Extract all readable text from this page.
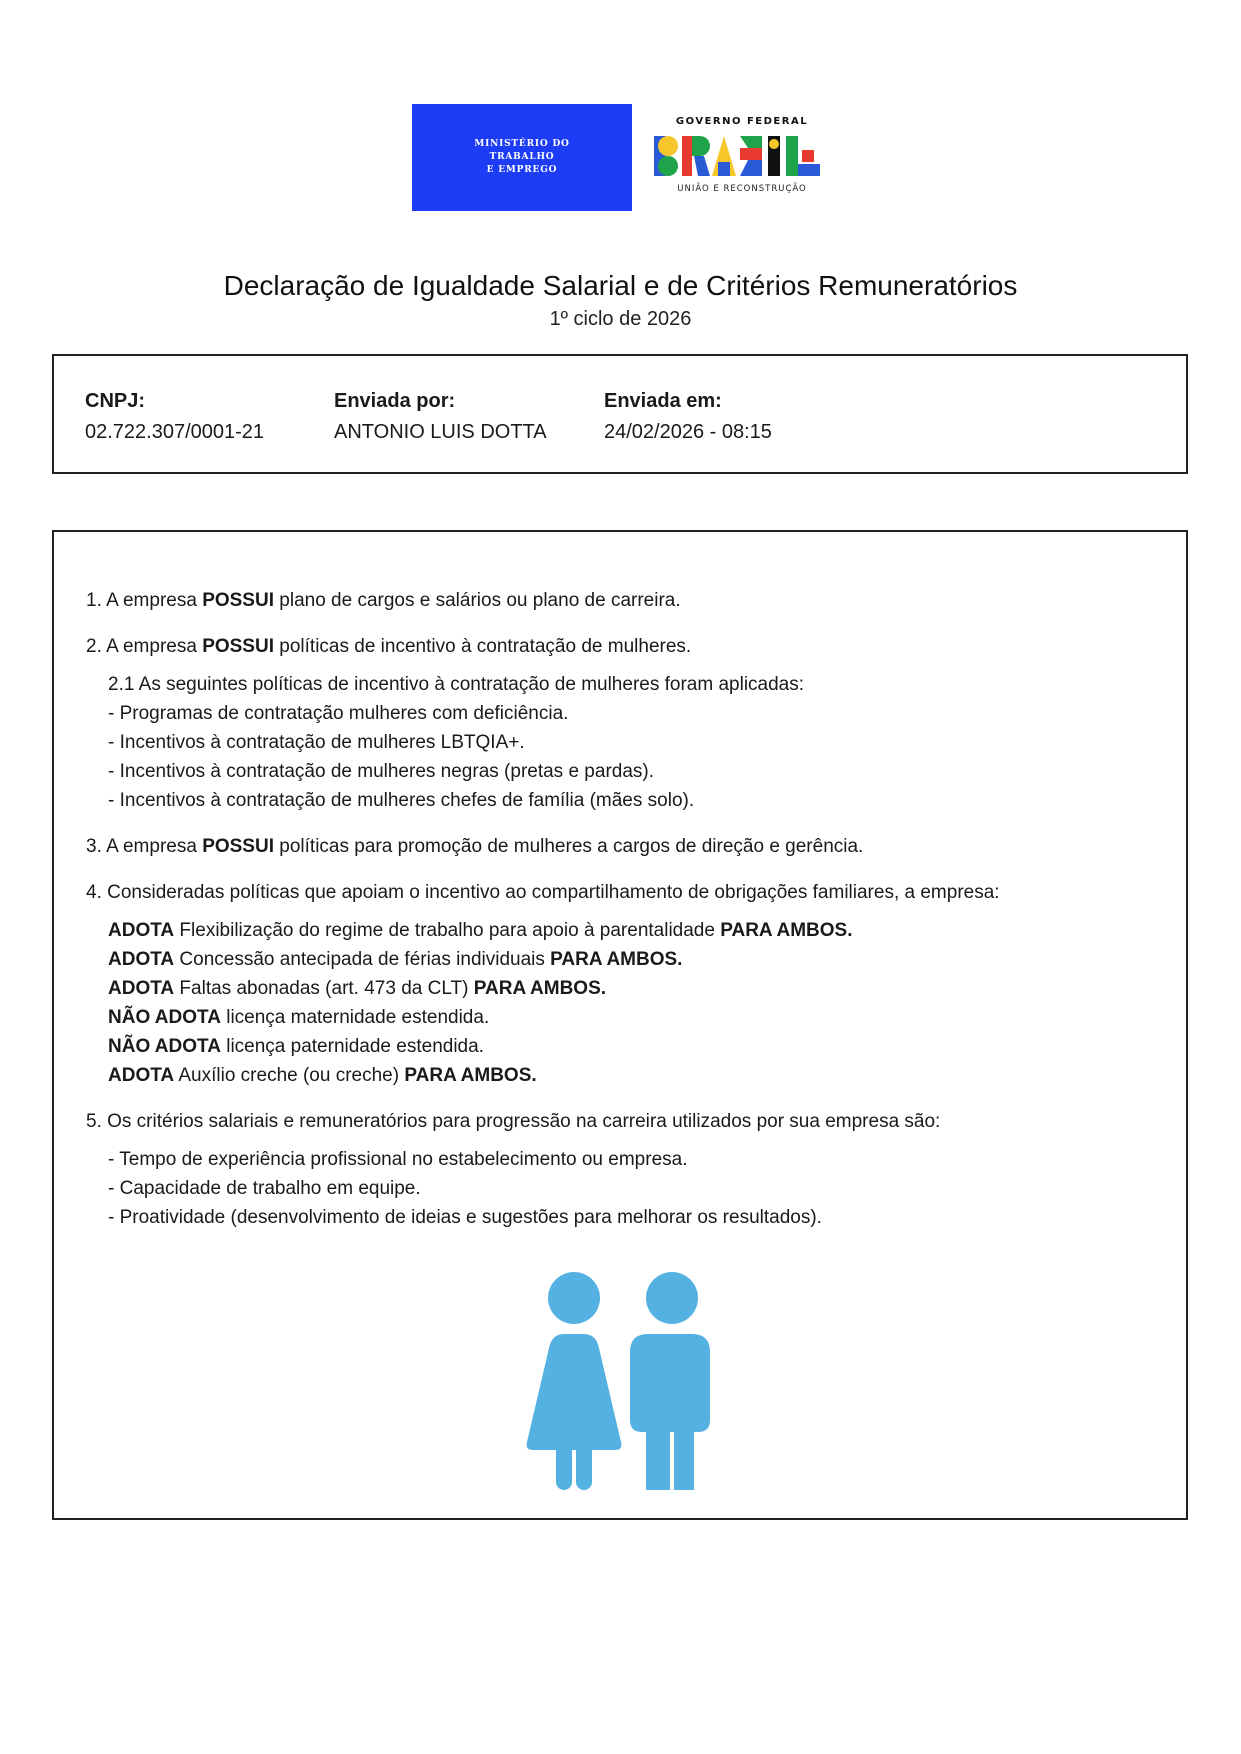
MINISTÉRIO DO
TRABALHO
E EMPREGO
GOVERNO FEDERAL
UNIÃO E RECONSTRUÇÃO
Declaração de Igualdade Salarial e de Critérios Remuneratórios
1º ciclo de 2026
CNPJ:
02.722.307/0001-21
Enviada por:
ANTONIO LUIS DOTTA
Enviada em:
24/02/2026 - 08:15
1. A empresa POSSUI plano de cargos e salários ou plano de carreira.
2. A empresa POSSUI políticas de incentivo à contratação de mulheres.
2.1 As seguintes políticas de incentivo à contratação de mulheres foram aplicadas:
- Programas de contratação mulheres com deficiência.
- Incentivos à contratação de mulheres LBTQIA+.
- Incentivos à contratação de mulheres negras (pretas e pardas).
- Incentivos à contratação de mulheres chefes de família (mães solo).
3. A empresa POSSUI políticas para promoção de mulheres a cargos de direção e gerência.
4. Consideradas políticas que apoiam o incentivo ao compartilhamento de obrigações familiares, a empresa:
ADOTA Flexibilização do regime de trabalho para apoio à parentalidade PARA AMBOS.
ADOTA Concessão antecipada de férias individuais PARA AMBOS.
ADOTA Faltas abonadas (art. 473 da CLT) PARA AMBOS.
NÃO ADOTA licença maternidade estendida.
NÃO ADOTA licença paternidade estendida.
ADOTA Auxílio creche (ou creche) PARA AMBOS.
5. Os critérios salariais e remuneratórios para progressão na carreira utilizados por sua empresa são:
- Tempo de experiência profissional no estabelecimento ou empresa.
- Capacidade de trabalho em equipe.
- Proatividade (desenvolvimento de ideias e sugestões para melhorar os resultados).
